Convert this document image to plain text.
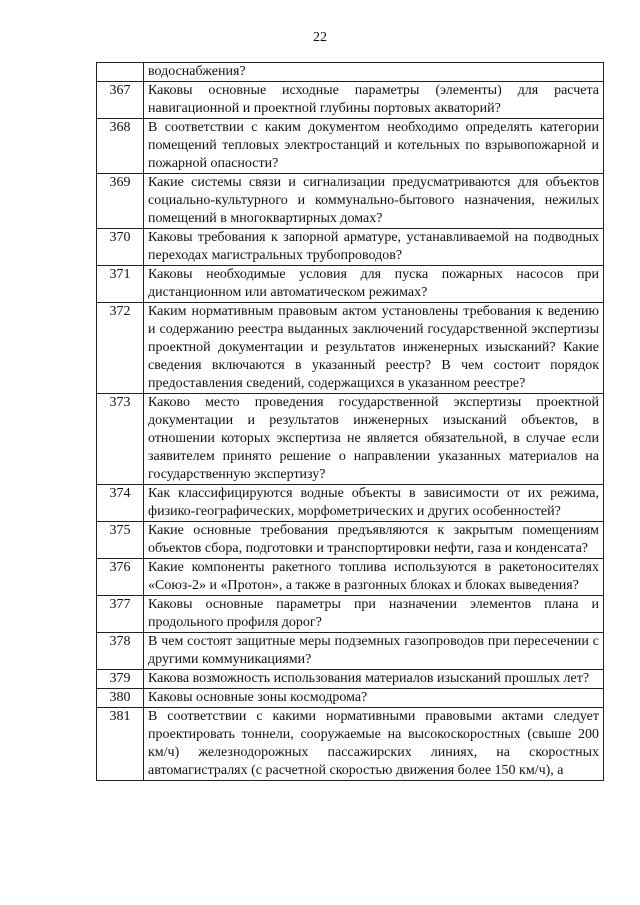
22
	водоснабжения?
367	Каковы основные исходные параметры (элементы) для расчета навигационной и проектной глубины портовых акваторий?
368	В соответствии с каким документом необходимо определять категории помещений тепловых электростанций и котельных по взрывопожарной и пожарной опасности?
369	Какие системы связи и сигнализации предусматриваются для объектов социально-культурного и коммунально-бытового назначения, нежилых помещений в многоквартирных домах?
370	Каковы требования к запорной арматуре, устанавливаемой на подводных переходах магистральных трубопроводов?
371	Каковы необходимые условия для пуска пожарных насосов при дистанционном или автоматическом режимах?
372	Каким нормативным правовым актом установлены требования к ведению и содержанию реестра выданных заключений государственной экспертизы проектной документации и результатов инженерных изысканий? Какие сведения включаются в указанный реестр? В чем состоит порядок предоставления сведений, содержащихся в указанном реестре?
373	Каково место проведения государственной экспертизы проектной документации и результатов инженерных изысканий объектов, в отношении которых экспертиза не является обязательной, в случае если заявителем принято решение о направлении указанных материалов на государственную экспертизу?
374	Как классифицируются водные объекты в зависимости от их режима, физико-географических, морфометрических и других особенностей?
375	Какие основные требования предъявляются к закрытым помещениям объектов сбора, подготовки и транспортировки нефти, газа и конденсата?
376	Какие компоненты ракетного топлива используются в ракетоносителях «Союз-2» и «Протон», а также в разгонных блоках и блоках выведения?
377	Каковы основные параметры при назначении элементов плана и продольного профиля дорог?
378	В чем состоят защитные меры подземных газопроводов при пересечении с другими коммуникациями?
379	Какова возможность использования материалов изысканий прошлых лет?
380	Каковы основные зоны космодрома?
381	В соответствии с какими нормативными правовыми актами следует проектировать тоннели, сооружаемые на высокоскоростных (свыше 200 км/ч) железнодорожных пассажирских линиях, на скоростных автомагистралях (с расчетной скоростью движения более 150 км/ч), а
